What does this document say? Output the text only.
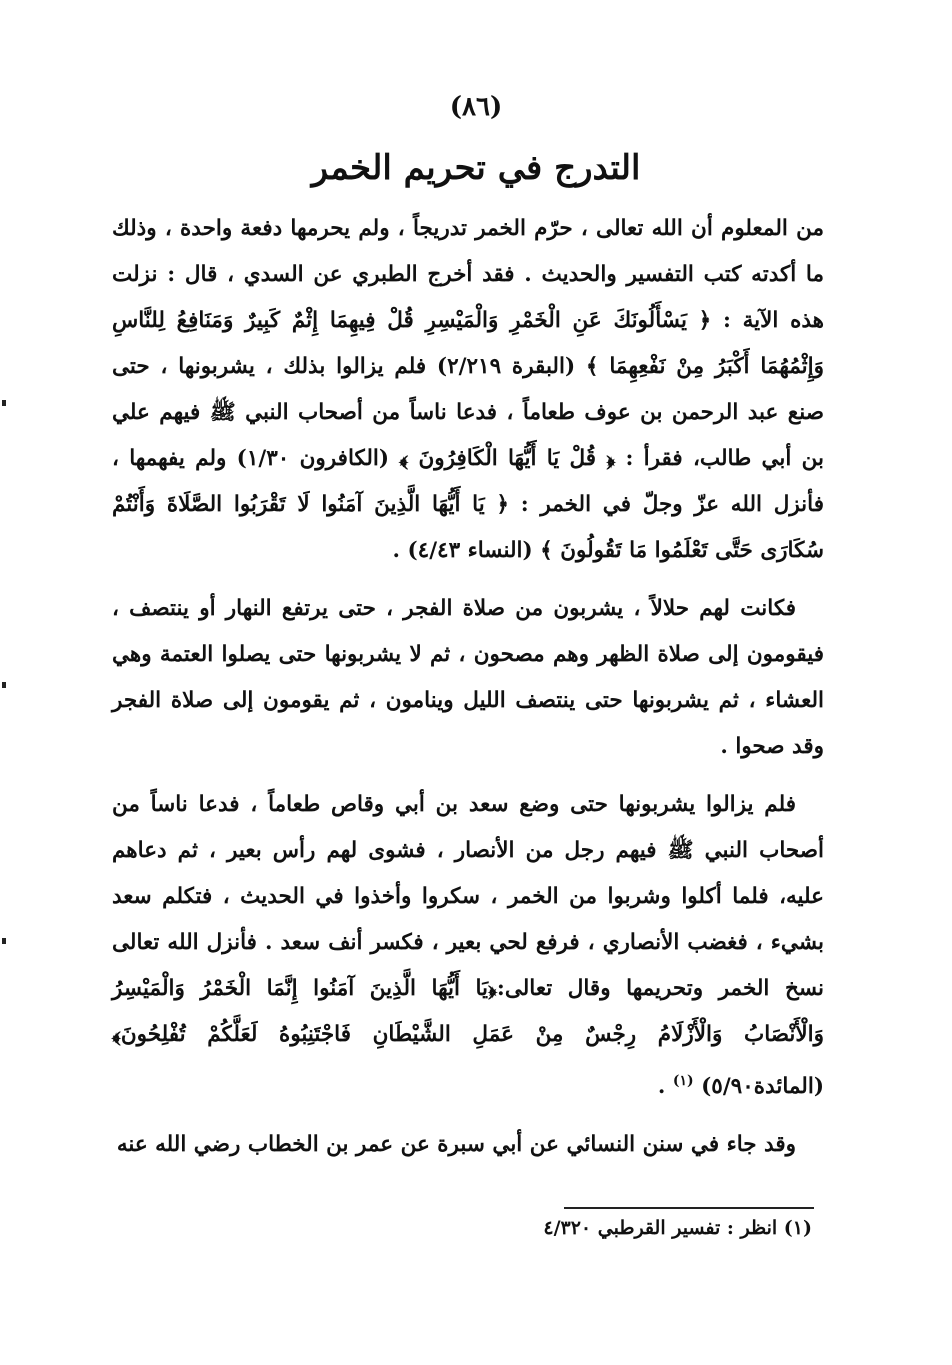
(٨٦)
التدرج في تحريم الخمر

من المعلوم أن الله تعالى ، حرّم الخمر تدريجاً ، ولم يحرمها دفعة واحدة ، وذلك ما أكدته كتب التفسير والحديث . فقد أخرج الطبري عن السدي ، قال : نزلت هذه الآية : ﴿ يَسْأَلُونَكَ عَنِ الْخَمْرِ وَالْمَيْسِرِ قُلْ فِيهِمَا إِثْمٌ كَبِيرٌ وَمَنَافِعُ لِلنَّاسِ وَإِثْمُهُمَا أَكْبَرُ مِنْ نَفْعِهِمَا ﴾ (البقرة ٢/٢١٩) فلم يزالوا بذلك ، يشربونها ، حتى صنع عبد الرحمن بن عوف طعاماً ، فدعا ناساً من أصحاب النبي ﷺ فيهم علي بن أبي طالب، فقرأ : ﴿ قُلْ يَا أَيُّهَا الْكَافِرُونَ ﴾ (الكافرون ١/٣٠) ولم يفهمها ، فأنزل الله عزّ وجلّ في الخمر : ﴿ يَا أَيُّهَا الَّذِينَ آمَنُوا لَا تَقْرَبُوا الصَّلَاةَ وَأَنْتُمْ سُكَارَى حَتَّى تَعْلَمُوا مَا تَقُولُونَ ﴾ (النساء ٤/٤٣) .

فكانت لهم حلالاً ، يشربون من صلاة الفجر ، حتى يرتفع النهار أو ينتصف ، فيقومون إلى صلاة الظهر وهم مصحون ، ثم لا يشربونها حتى يصلوا العتمة وهي العشاء ، ثم يشربونها حتى ينتصف الليل وينامون ، ثم يقومون إلى صلاة الفجر وقد صحوا .

فلم يزالوا يشربونها حتى وضع سعد بن أبي وقاص طعاماً ، فدعا ناساً من أصحاب النبي ﷺ فيهم رجل من الأنصار ، فشوى لهم رأس بعير ، ثم دعاهم عليه، فلما أكلوا وشربوا من الخمر ، سكروا وأخذوا في الحديث ، فتكلم سعد بشيء ، فغضب الأنصاري ، فرفع لحي بعير ، فكسر أنف سعد . فأنزل الله تعالى نسخ الخمر وتحريمها وقال تعالى:﴿يَا أَيُّهَا الَّذِينَ آمَنُوا إِنَّمَا الْخَمْرُ وَالْمَيْسِرُ وَالْأَنْصَابُ وَالْأَزْلَامُ رِجْسٌ مِنْ عَمَلِ الشَّيْطَانِ فَاجْتَنِبُوهُ لَعَلَّكُمْ تُفْلِحُونَ﴾(المائدة٥/٩٠) $^{(١)}$ .

وقد جاء في سنن النسائي عن أبي سبرة عن عمر بن الخطاب رضي الله عنه

(١) انظر : تفسير القرطبي ٤/٣٢٠
